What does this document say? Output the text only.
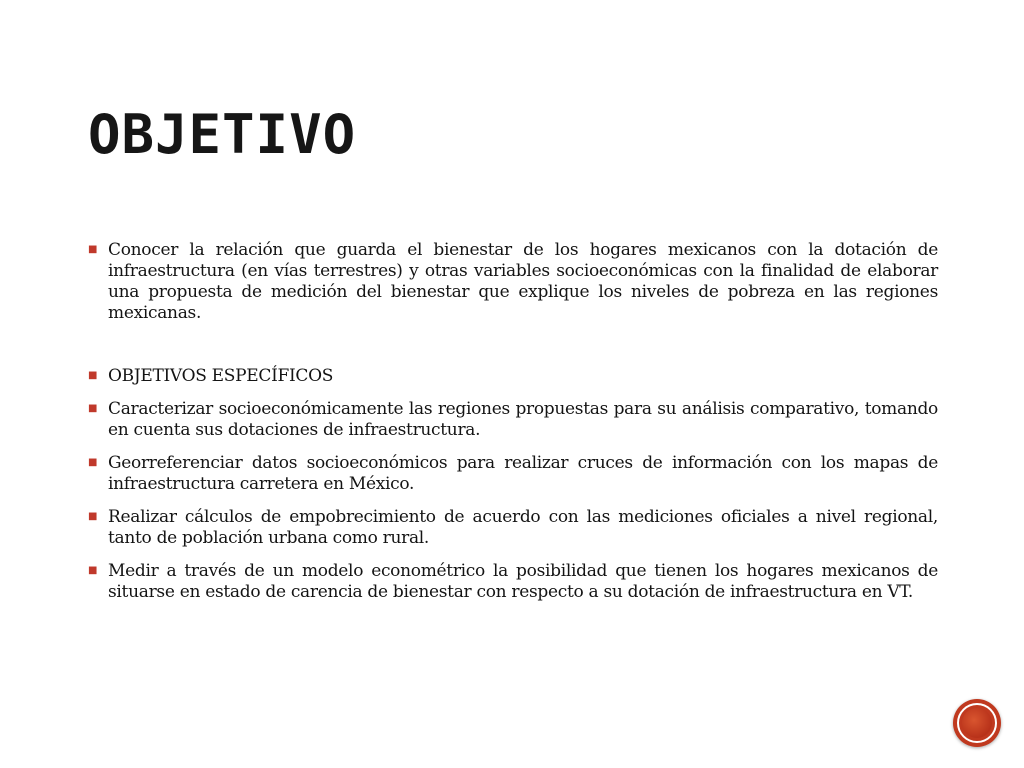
OBJETIVO
■ Conocer la relación que guarda el bienestar de los hogares mexicanos con la dotación de infraestructura (en vías terrestres) y otras variables socioeconómicas con la finalidad de elaborar una propuesta de medición del bienestar que explique los niveles de pobreza en las regiones mexicanas.
■ OBJETIVOS ESPECÍFICOS
■ Caracterizar socioeconómicamente las regiones propuestas para su análisis comparativo, tomando en cuenta sus dotaciones de infraestructura.
■ Georreferenciar datos socioeconómicos para realizar cruces de información con los mapas de infraestructura carretera en México.
■ Realizar cálculos de empobrecimiento de acuerdo con las mediciones oficiales a nivel regional, tanto de población urbana como rural.
■ Medir a través de un modelo econométrico la posibilidad que tienen los hogares mexicanos de situarse en estado de carencia de bienestar con respecto a su dotación de infraestructura en VT.
